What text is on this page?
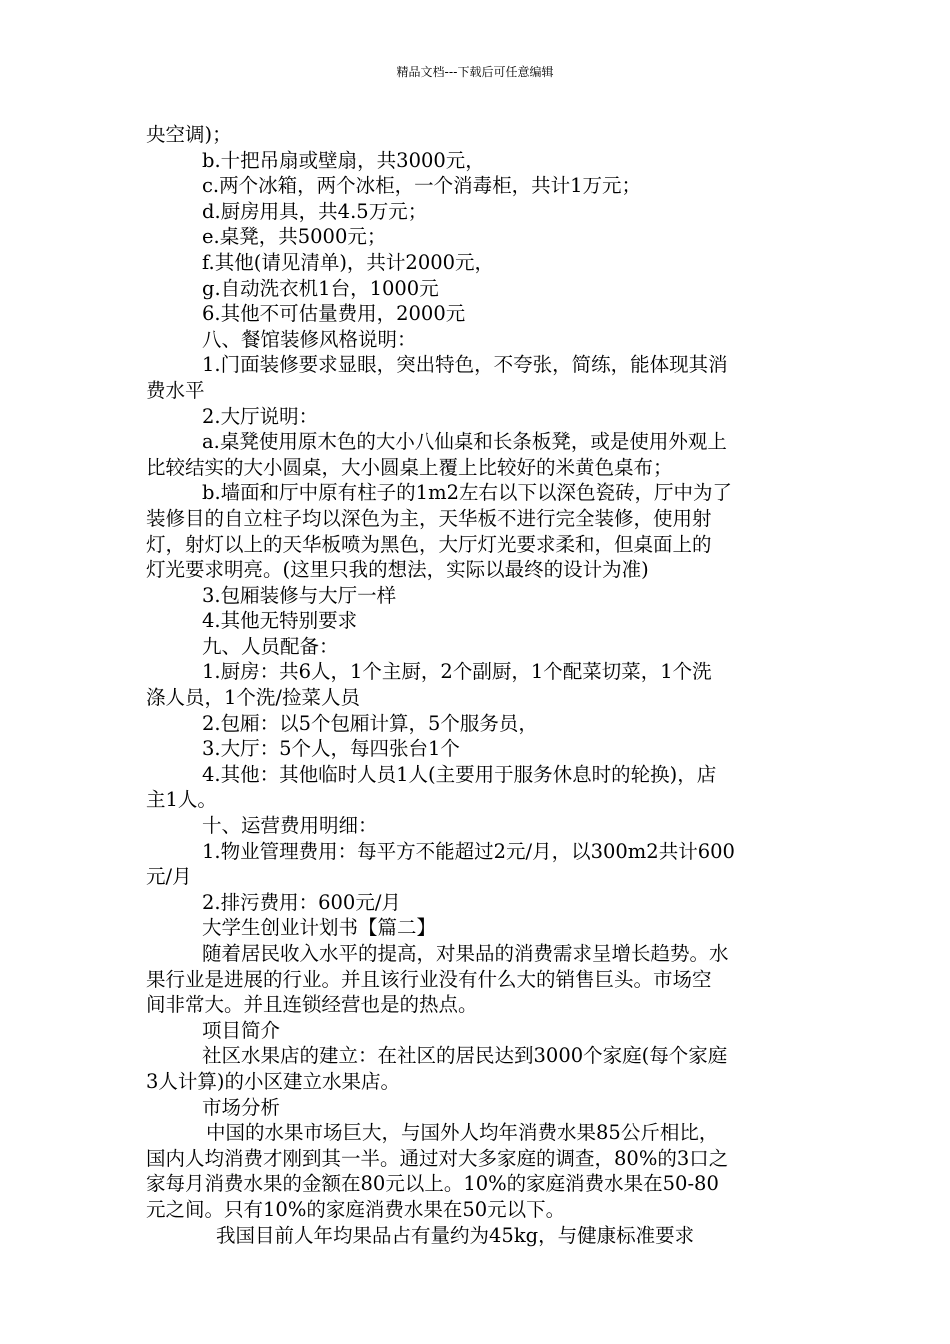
精品文档---下载后可任意编辑
央空调)；
b.十把吊扇或壁扇，共3000元，
c.两个冰箱，两个冰柜，一个消毒柜，共计1万元；
d.厨房用具，共4.5万元；
e.桌凳，共5000元；
f.其他(请见清单)，共计2000元，
g.自动洗衣机1台，1000元
6.其他不可估量费用，2000元
八、餐馆装修风格说明：
1.门面装修要求显眼，突出特色，不夸张，简练，能体现其消
费水平
2.大厅说明：
a.桌凳使用原木色的大小八仙桌和长条板凳，或是使用外观上
比较结实的大小圆桌，大小圆桌上覆上比较好的米黄色桌布；
b.墙面和厅中原有柱子的1m2左右以下以深色瓷砖，厅中为了
装修目的自立柱子均以深色为主，天华板不进行完全装修，使用射
灯，射灯以上的天华板喷为黑色，大厅灯光要求柔和，但桌面上的
灯光要求明亮。(这里只我的想法，实际以最终的设计为准)
3.包厢装修与大厅一样
4.其他无特别要求
九、人员配备：
1.厨房：共6人，1个主厨，2个副厨，1个配菜切菜，1个洗
涤人员，1个洗/捡菜人员
2.包厢：以5个包厢计算，5个服务员，
3.大厅：5个人，每四张台1个
4.其他：其他临时人员1人(主要用于服务休息时的轮换)，店
主1人。
十、运营费用明细：
1.物业管理费用：每平方不能超过2元/月，以300m2共计600
元/月
2.排污费用：600元/月
大学生创业计划书【篇二】
随着居民收入水平的提高，对果品的消费需求呈增长趋势。水
果行业是进展的行业。并且该行业没有什么大的销售巨头。市场空
间非常大。并且连锁经营也是的热点。
项目简介
社区水果店的建立：在社区的居民达到3000个家庭(每个家庭
3人计算)的小区建立水果店。
市场分析
中国的水果市场巨大，与国外人均年消费水果85公斤相比，
国内人均消费才刚到其一半。通过对大多家庭的调查，80%的3口之
家每月消费水果的金额在80元以上。10%的家庭消费水果在50-80
元之间。只有10%的家庭消费水果在50元以下。
我国目前人年均果品占有量约为45kg，与健康标准要求
